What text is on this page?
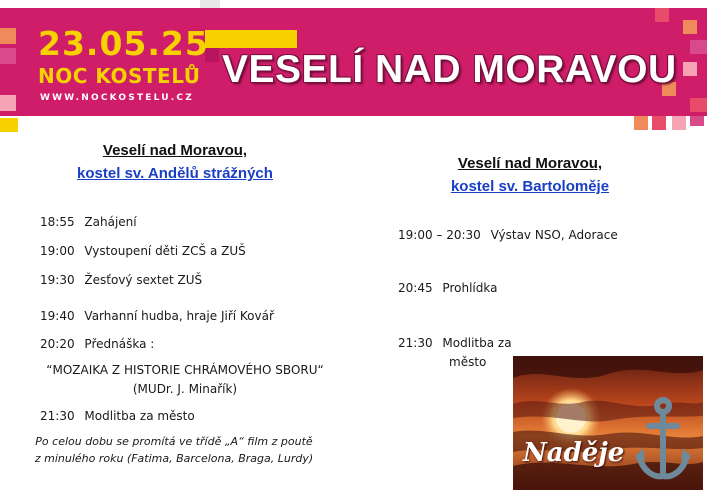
23.05.25
NOC KOSTELŮ
WWW.NOCKOSTELU.CZ
VESELÍ NAD MORAVOU
Veselí nad Moravou,
kostel sv. Andělů strážných
18:55 Zahájení
19:00 Vystoupení děti ZCŠ a ZUŠ
19:30 Žesťový sextet ZUŠ
19:40 Varhanní hudba, hraje Jiří Kovář
20:20 Přednáška :
“MOZAIKA Z HISTORIE CHRÁMOVÉHO SBORU“
(MUDr. J. Minařík)
21:30 Modlitba za město
Po celou dobu se promítá ve třídě „A“ film z poutě
z minulého roku (Fatima, Barcelona, Braga, Lurdy)
Veselí nad Moravou,
kostel sv. Bartoloměje
19:00 – 20:30 Výstav NSO, Adorace
20:45 Prohlídka
21:30 Modlitba za
město
Naděje
